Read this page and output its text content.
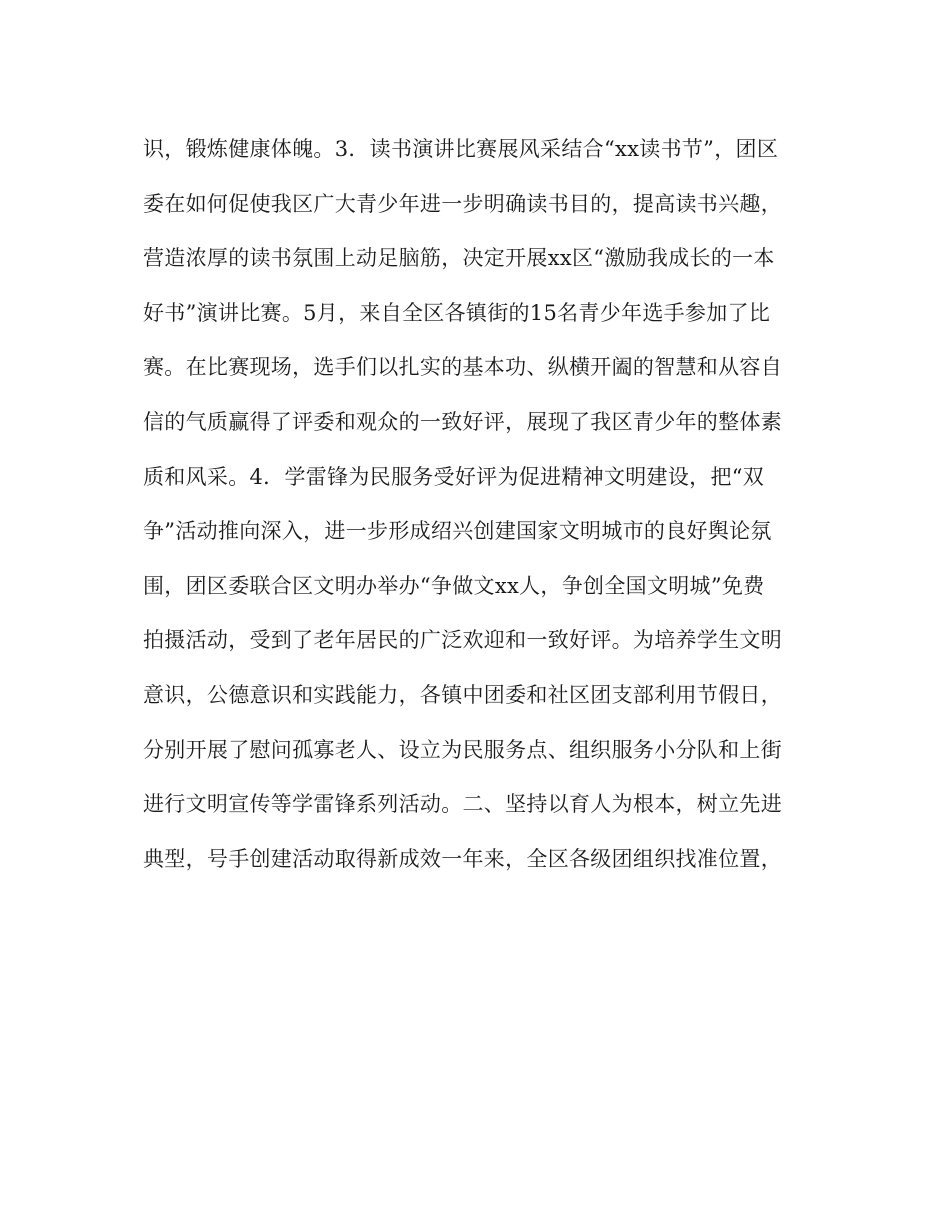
识，锻炼健康体魄。3．读书演讲比赛展风采结合“xx读书节”，团区
委在如何促使我区广大青少年进一步明确读书目的，提高读书兴趣，
营造浓厚的读书氛围上动足脑筋，决定开展xx区“激励我成长的一本
好书”演讲比赛。5月，来自全区各镇街的15名青少年选手参加了比
赛。在比赛现场，选手们以扎实的基本功、纵横开阖的智慧和从容自
信的气质赢得了评委和观众的一致好评，展现了我区青少年的整体素
质和风采。4．学雷锋为民服务受好评为促进精神文明建设，把“双
争”活动推向深入，进一步形成绍兴创建国家文明城市的良好舆论氛
围，团区委联合区文明办举办“争做文xx人，争创全国文明城”免费
拍摄活动，受到了老年居民的广泛欢迎和一致好评。为培养学生文明
意识，公德意识和实践能力，各镇中团委和社区团支部利用节假日，
分别开展了慰问孤寡老人、设立为民服务点、组织服务小分队和上街
进行文明宣传等学雷锋系列活动。二、坚持以育人为根本，树立先进
典型，号手创建活动取得新成效一年来，全区各级团组织找准位置，
